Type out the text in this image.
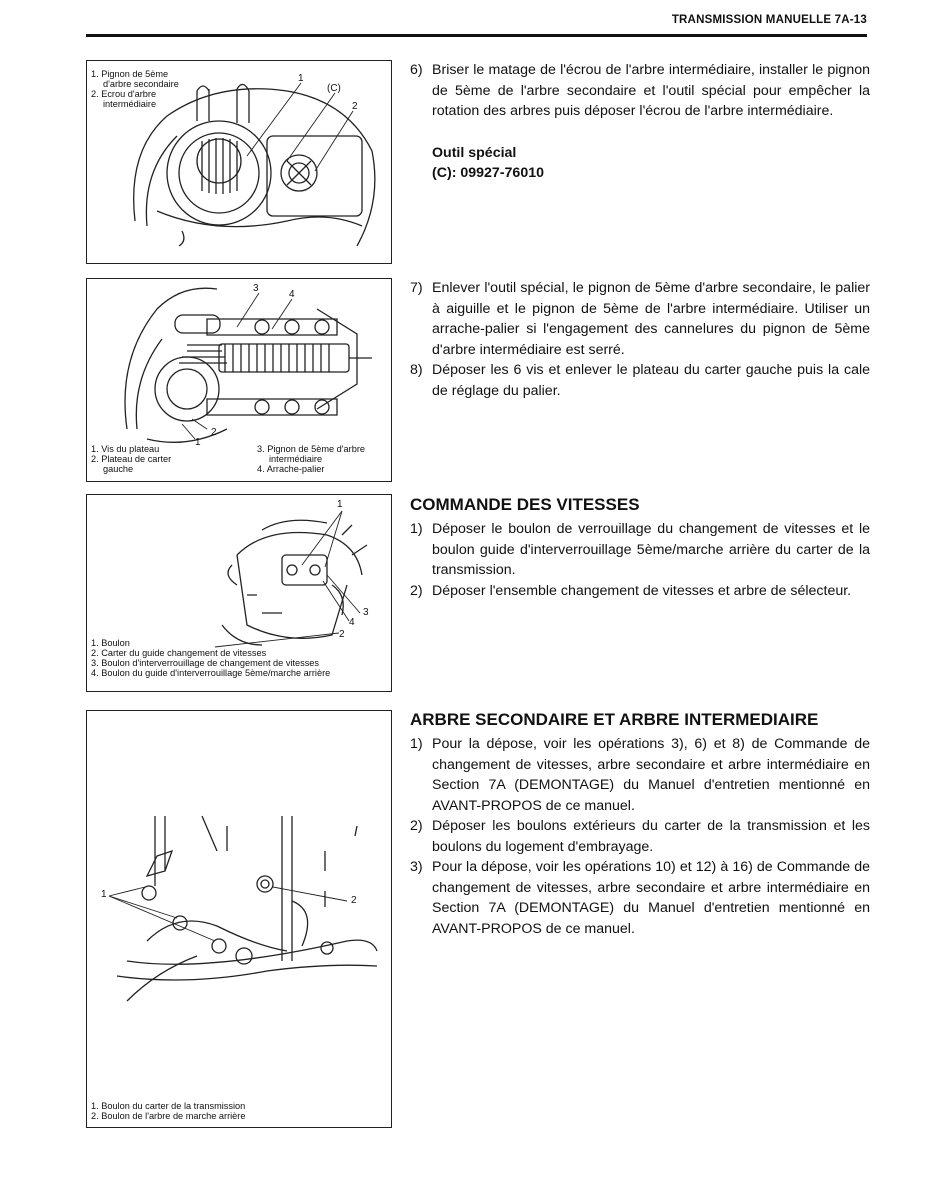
TRANSMISSION MANUELLE 7A-13
1. Pignon de 5ème
d'arbre secondaire
2. Ecrou d'arbre
intermédiaire
1
(C)
2
3
4
2
1
1. Vis du plateau
2. Plateau de carter
gauche
3. Pignon de 5ème d'arbre
intermédiaire
4. Arrache-palier
1
3
4
2
1. Boulon
2. Carter du guide changement de vitesses
3. Boulon d'interverrouillage de changement de vitesses
4. Boulon du guide d'interverrouillage 5ème/marche arrière
1
2
1. Boulon du carter de la transmission
2. Boulon de l'arbre de marche arrière
6) Briser le matage de l'écrou de l'arbre intermédiaire, installer le pignon de 5ème de l'arbre secondaire et l'outil spécial pour empêcher la rotation des arbres puis déposer l'écrou de l'arbre intermédiaire.
Outil spécial
(C): 09927-76010
7) Enlever l'outil spécial, le pignon de 5ème d'arbre secondaire, le palier à aiguille et le pignon de 5ème de l'arbre intermédiaire. Utiliser un arrache-palier si l'engagement des cannelures du pignon de 5ème d'arbre intermédiaire est serré.
8) Déposer les 6 vis et enlever le plateau du carter gauche puis la cale de réglage du palier.
COMMANDE DES VITESSES
1) Déposer le boulon de verrouillage du changement de vitesses et le boulon guide d'interverrouillage 5ème/marche arrière du carter de la transmission.
2) Déposer l'ensemble changement de vitesses et arbre de sélecteur.
ARBRE SECONDAIRE ET ARBRE INTERMEDIAIRE
1) Pour la dépose, voir les opérations 3), 6) et 8) de Commande de changement de vitesses, arbre secondaire et arbre intermédiaire en Section 7A (DEMONTAGE) du Manuel d'entretien mentionné en AVANT-PROPOS de ce manuel.
2) Déposer les boulons extérieurs du carter de la transmission et les boulons du logement d'embrayage.
3) Pour la dépose, voir les opérations 10) et 12) à 16) de Commande de changement de vitesses, arbre secondaire et arbre intermédiaire en Section 7A (DEMONTAGE) du Manuel d'entretien mentionné en AVANT-PROPOS de ce manuel.
